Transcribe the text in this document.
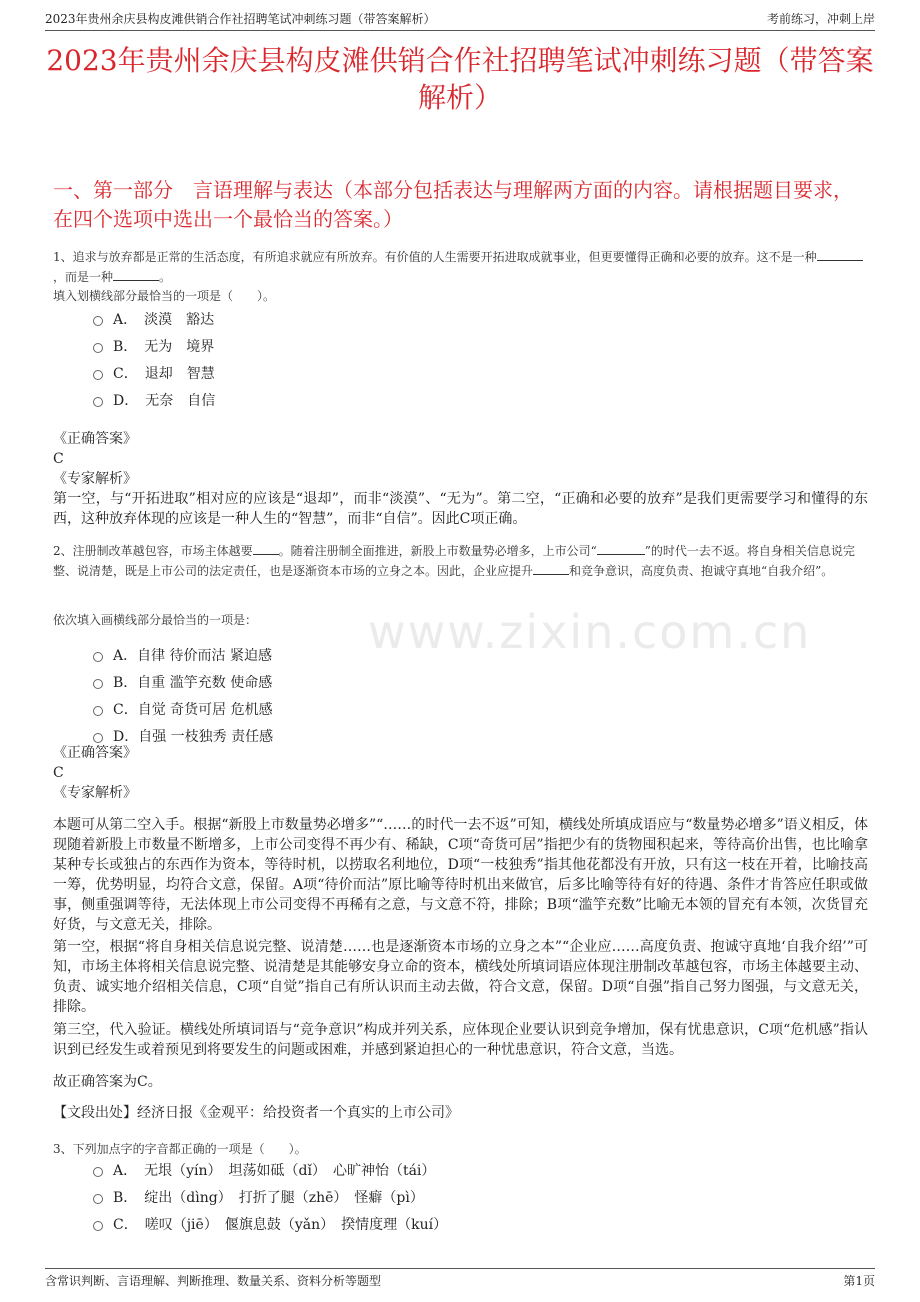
2023年贵州余庆县构皮滩供销合作社招聘笔试冲刺练习题（带答案解析）	考前练习，冲刺上岸
2023年贵州余庆县构皮滩供销合作社招聘笔试冲刺练习题（带答案解析）
一、第一部分　言语理解与表达（本部分包括表达与理解两方面的内容。请根据题目要求，在四个选项中选出一个最恰当的答案。）
1、追求与放弃都是正常的生活态度，有所追求就应有所放弃。有价值的人生需要开拓进取成就事业，但更要懂得正确和必要的放弃。这不是一种，而是一种	。
填入划横线部分最恰当的一项是（　　）。
A．　淡漠　豁达
B．　无为　境界
C．　退却　智慧
D．　无奈　自信

《正确答案》

C

《专家解析》

第一空，与“开拓进取”相对应的应该是“退却”，而非“淡漠”、“无为”。第二空，“正确和必要的放弃”是我们更需要学习和懂得的东西，这种放弃体现的应该是一种人生的“智慧”，而非“自信”。因此C项正确。

2、注册制改革越包容，市场主体越要 。随着注册制全面推进，新股上市数量势必增多，上市公司“	”的时代一去不返。将自身相关信息说完整、说清楚，既是上市公司的法定责任，也是逐渐资本市场的立身之本。因此，企业应提升	和竞争意识，高度负责、抱诚守真地“自我介绍”。
依次填入画横线部分最恰当的一项是：	www.zixin.com.cn
A．自律 待价而沽 紧迫感
B．自重 滥竽充数 使命感
C．自觉 奇货可居 危机感
D．自强 一枝独秀 责任感

《正确答案》

C

《专家解析》

本题可从第二空入手。根据“新股上市数量势必增多”“……的时代一去不返”可知，横线处所填成语应与“数量势必增多”语义相反，体现随着新股上市数量不断增多，上市公司变得不再少有、稀缺，C项“奇货可居”指把少有的货物囤积起来，等待高价出售，也比喻拿某种专长或独占的东西作为资本，等待时机，以捞取名利地位，D项“一枝独秀”指其他花都没有开放，只有这一枝在开着，比喻技高一筹，优势明显，均符合文意，保留。A项“待价而沽”原比喻等待时机出来做官，后多比喻等待有好的待遇、条件才肯答应任职或做事，侧重强调等待，无法体现上市公司变得不再稀有之意，与文意不符，排除；B项“滥竽充数”比喻无本领的冒充有本领，次货冒充好货，与文意无关，排除。
第一空，根据“将自身相关信息说完整、说清楚……也是逐渐资本市场的立身之本”“企业应……高度负责、抱诚守真地‘自我介绍’”可知，市场主体将相关信息说完整、说清楚是其能够安身立命的资本，横线处所填词语应体现注册制改革越包容，市场主体越要主动、负责、诚实地介绍相关信息，C项“自觉”指自己有所认识而主动去做，符合文意，保留。D项“自强”指自己努力图强，与文意无关，排除。
第三空，代入验证。横线处所填词语与“竞争意识”构成并列关系，应体现企业要认识到竞争增加，保有忧患意识，C项“危机感”指认识到已经发生或着预见到将要发生的问题或困难，并感到紧迫担心的一种忧患意识，符合文意，当选。
故正确答案为C。
【文段出处】经济日报《金观平：给投资者一个真实的上市公司》
3、下列加点字的字音都正确的一项是（　　）。
A．　无垠（yín）　坦荡如砥（dǐ）　心旷神怡（tái）
B．　绽出（dìng）　打折了腿（zhē）　怪癖（pì）
C．　嗟叹（jiē）　偃旗息鼓（yǎn）　揆情度理（kuí）
含常识判断、言语理解、判断推理、数量关系、资料分析等题型	第1页
